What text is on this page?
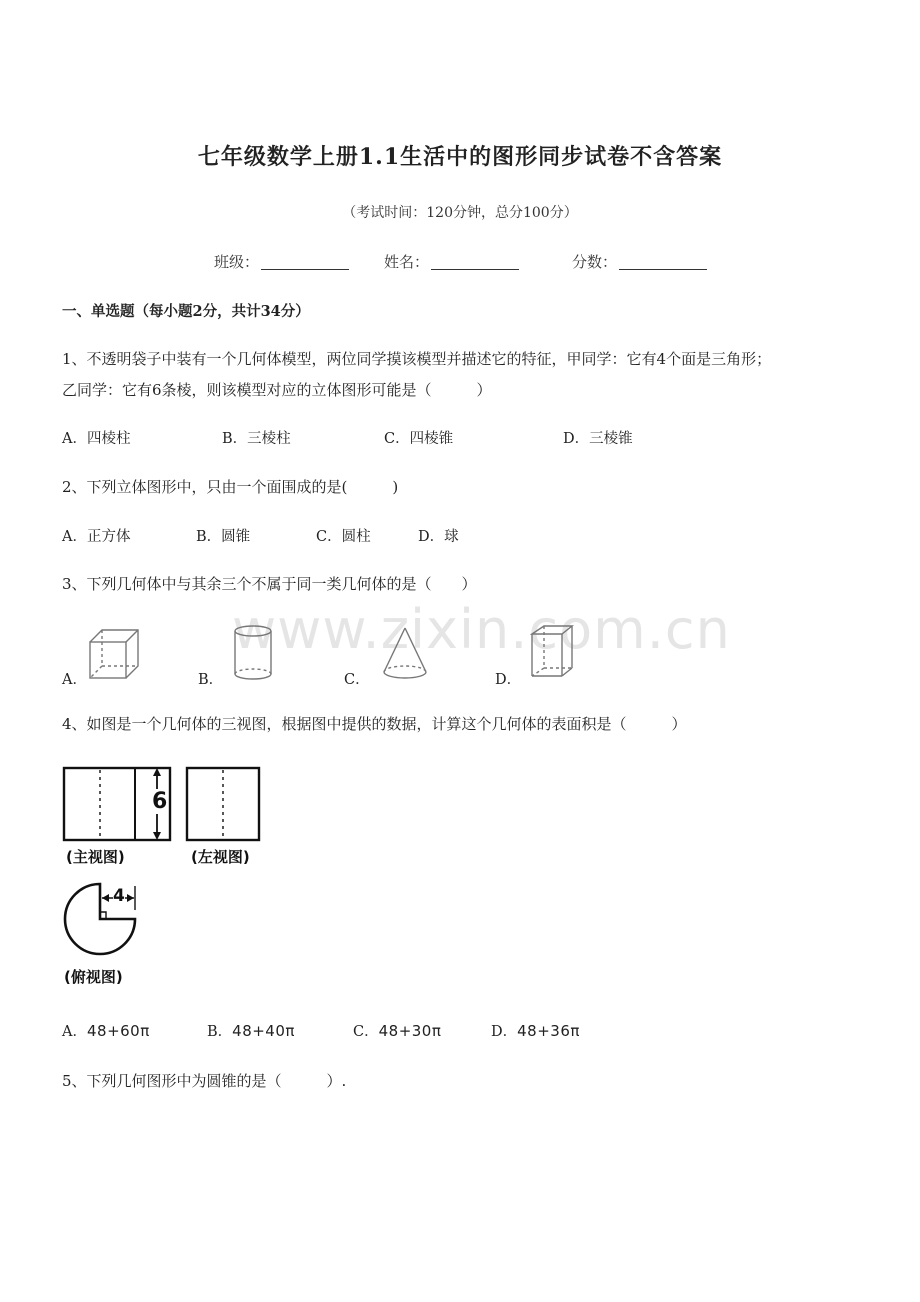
www.zixin.com.cn
七年级数学上册1.1生活中的图形同步试卷不含答案
（考试时间：120分钟，总分100分）
班级：	姓名：	分数：
一、单选题（每小题2分，共计34分）
1、不透明袋子中装有一个几何体模型，两位同学摸该模型并描述它的特征，甲同学：它有4个面是三角形；
乙同学：它有6条棱，则该模型对应的立体图形可能是（　　　）
A．四棱柱	B．三棱柱	C．四棱锥	D．三棱锥
2、下列立体图形中，只由一个面围成的是(　　　)
A．正方体	B．圆锥	C．圆柱	D．球
3、下列几何体中与其余三个不属于同一类几何体的是（　　）
A．	B．	C．	D．
4、如图是一个几何体的三视图，根据图中提供的数据，计算这个几何体的表面积是（　　　）
6
(主视图)	(左视图)
4
(俯视图)
A．48+60π	B．48+40π	C．48+30π	D．48+36π
5、下列几何图形中为圆锥的是（　　　）.
